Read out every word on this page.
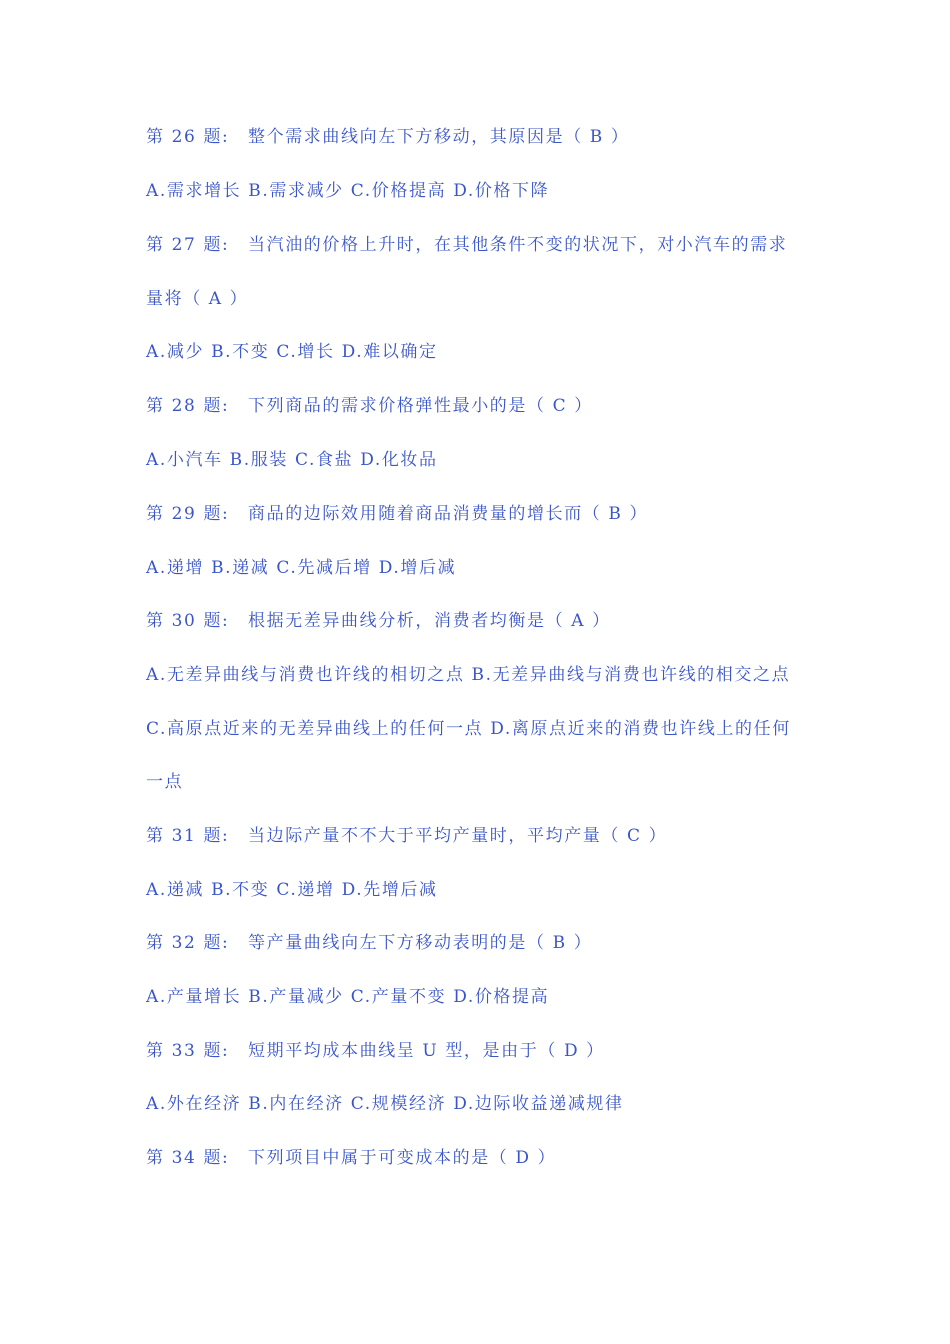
第 26 题: 整个需求曲线向左下方移动，其原因是（ B ）
A.需求增长 B.需求减少 C.价格提高 D.价格下降
第 27 题: 当汽油的价格上升时，在其他条件不变的状况下，对小汽车的需求
量将（ A ）
A.减少 B.不变 C.增长 D.难以确定
第 28 题: 下列商品的需求价格弹性最小的是（ C ）
A.小汽车 B.服装 C.食盐 D.化妆品
第 29 题: 商品的边际效用随着商品消费量的增长而（ B ）
A.递增 B.递减 C.先减后增 D.增后减
第 30 题: 根据无差异曲线分析，消费者均衡是（ A ）
A.无差异曲线与消费也许线的相切之点 B.无差异曲线与消费也许线的相交之点
C.高原点近来的无差异曲线上的任何一点 D.离原点近来的消费也许线上的任何
一点
第 31 题: 当边际产量不不大于平均产量时，平均产量（ C ）
A.递减 B.不变 C.递增 D.先增后减
第 32 题: 等产量曲线向左下方移动表明的是（ B ）
A.产量增长 B.产量减少 C.产量不变 D.价格提高
第 33 题: 短期平均成本曲线呈 U 型，是由于（ D ）
A.外在经济 B.内在经济 C.规模经济 D.边际收益递减规律
第 34 题: 下列项目中属于可变成本的是（ D ）
